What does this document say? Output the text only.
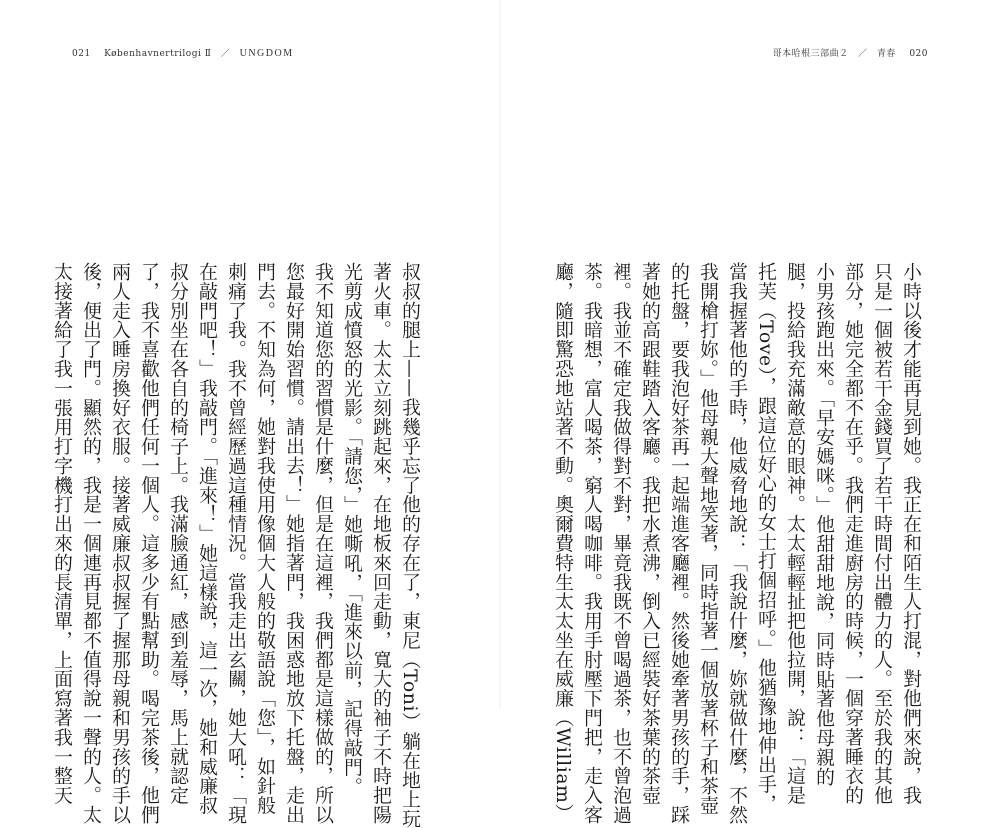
021 Københavnertrilogi Ⅱ ／ UNGDOM
叔叔的腿上——我幾乎忘了他的存在了，東尼（Toni）躺在地上玩
著火車。太太立刻跳起來，在地板來回走動，寬大的袖子不時把陽
光剪成憤怒的光影。「請您，」她嘶吼，「進來以前，記得敲門。
我不知道您的習慣是什麼，但是在這裡，我們都是這樣做的，所以
您最好開始習慣。請出去！」她指著門，我困惑地放下托盤，走出
門去。不知為何，她對我使用像個大人般的敬語說「您」，如針般
刺痛了我。我不曾經歷過這種情況。當我走出玄關，她大吼：「現
在敲門吧！」我敲門。「進來！」她這樣說，這一次，她和威廉叔
叔分別坐在各自的椅子上。我滿臉通紅，感到羞辱，馬上就認定
了，我不喜歡他們任何一個人。這多少有點幫助。喝完茶後，他們
兩人走入睡房換好衣服。接著威廉叔叔握了握那母親和男孩的手以
後，便出了門。顯然的，我是一個連再見都不值得說一聲的人。太
太接著給了我一張用打字機打出來的長清單，上面寫著我一整天
哥本哈根三部曲２ ／ 青春 020
小時以後才能再見到她。我正在和陌生人打混，對他們來說，我
只是一個被若干金錢買了若干時間付出體力的人。至於我的其他
部分，她完全都不在乎。我們走進廚房的時候，一個穿著睡衣的
小男孩跑出來。「早安媽咪。」他甜甜地說，同時貼著他母親的
腿，投給我充滿敵意的眼神。太太輕輕扯把他拉開，說：「這是
托芙（Tove），跟這位好心的女士打個招呼。」他猶豫地伸出手，
當我握著他的手時，他威脅地說：「我說什麼，妳就做什麼，不然
我開槍打妳。」他母親大聲地笑著，同時指著一個放著杯子和茶壺
的托盤，要我泡好茶再一起端進客廳裡。然後她牽著男孩的手，踩
著她的高跟鞋踏入客廳。我把水煮沸，倒入已經裝好茶葉的茶壺
裡。我並不確定我做得對不對，畢竟我既不曾喝過茶，也不曾泡過
茶。我暗想，富人喝茶，窮人喝咖啡。我用手肘壓下門把，走入客
廳，隨即驚恐地站著不動。奧爾費特生太太坐在威廉（William）
